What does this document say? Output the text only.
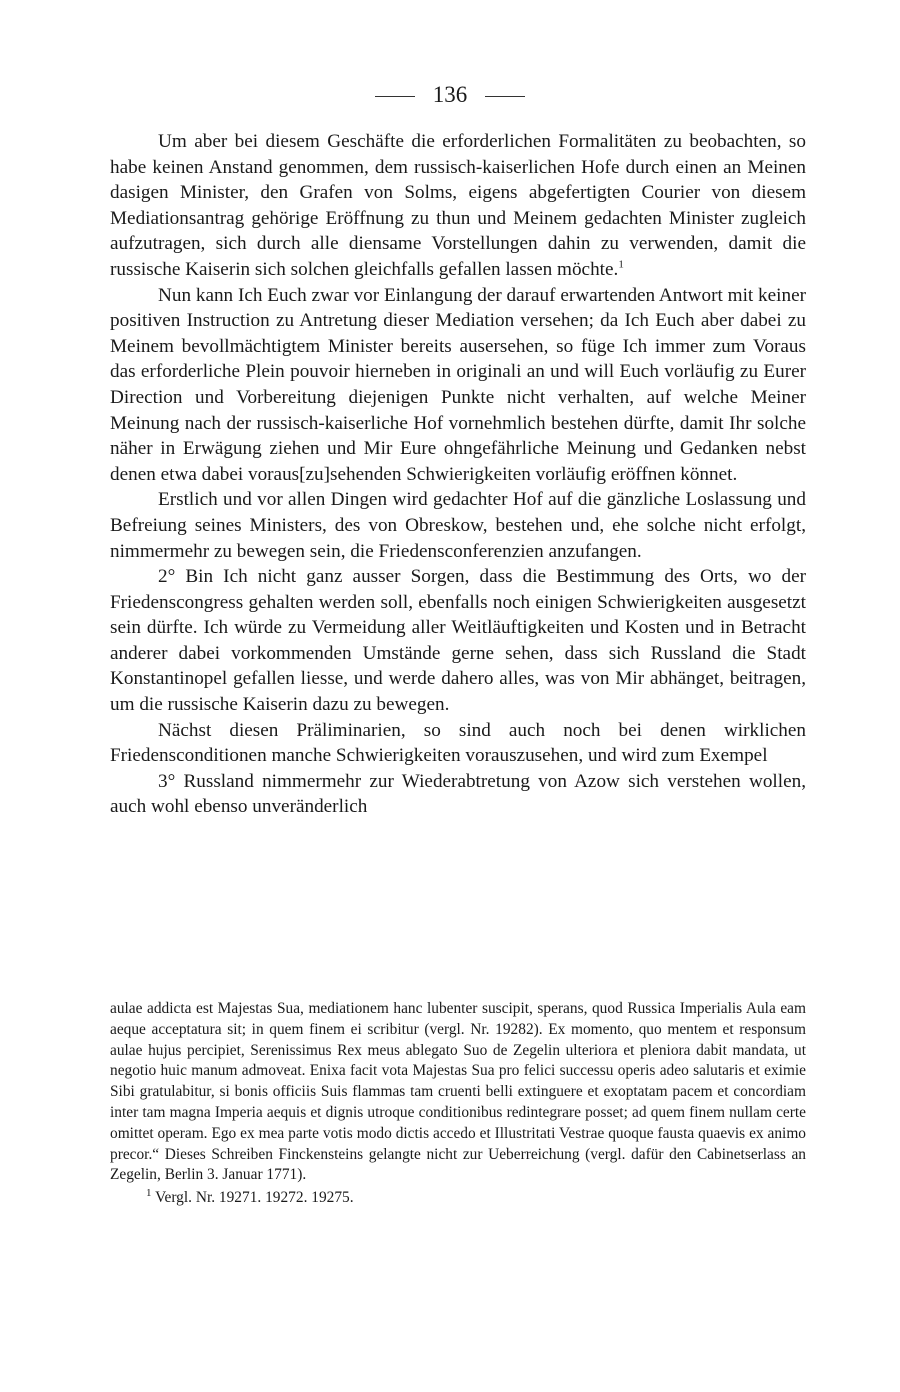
136

Um aber bei diesem Geschäfte die erforderlichen Formalitäten zu beobachten, so habe keinen Anstand genommen, dem russisch-kaiserlichen Hofe durch einen an Meinen dasigen Minister, den Grafen von Solms, eigens abgefertigten Courier von diesem Mediationsantrag gehörige Eröffnung zu thun und Meinem gedachten Minister zugleich aufzutragen, sich durch alle diensame Vorstellungen dahin zu verwenden, damit die russische Kaiserin sich solchen gleichfalls gefallen lassen möchte.$^1$

Nun kann Ich Euch zwar vor Einlangung der darauf erwartenden Antwort mit keiner positiven Instruction zu Antretung dieser Mediation versehen; da Ich Euch aber dabei zu Meinem bevollmächtigtem Minister bereits ausersehen, so füge Ich immer zum Voraus das erforderliche Plein pouvoir hierneben in originali an und will Euch vorläufig zu Eurer Direction und Vorbereitung diejenigen Punkte nicht verhalten, auf welche Meiner Meinung nach der russisch-kaiserliche Hof vornehmlich bestehen dürfte, damit Ihr solche näher in Erwägung ziehen und Mir Eure ohngefährliche Meinung und Gedanken nebst denen etwa dabei voraus[zu]sehenden Schwierigkeiten vorläufig eröffnen könnet.

Erstlich und vor allen Dingen wird gedachter Hof auf die gänzliche Loslassung und Befreiung seines Ministers, des von Obreskow, bestehen und, ehe solche nicht erfolgt, nimmermehr zu bewegen sein, die Friedensconferenzien anzufangen.

2° Bin Ich nicht ganz ausser Sorgen, dass die Bestimmung des Orts, wo der Friedenscongress gehalten werden soll, ebenfalls noch einigen Schwierigkeiten ausgesetzt sein dürfte. Ich würde zu Vermeidung aller Weitläuftigkeiten und Kosten und in Betracht anderer dabei vorkommenden Umstände gerne sehen, dass sich Russland die Stadt Konstantinopel gefallen liesse, und werde dahero alles, was von Mir abhänget, beitragen, um die russische Kaiserin dazu zu bewegen.

Nächst diesen Präliminarien, so sind auch noch bei denen wirklichen Friedensconditionen manche Schwierigkeiten vorauszusehen, und wird zum Exempel

3° Russland nimmermehr zur Wiederabtretung von Azow sich verstehen wollen, auch wohl ebenso unveränderlich

aulae addicta est Majestas Sua, mediationem hanc lubenter suscipit, sperans, quod Russica Imperialis Aula eam aeque acceptatura sit; in quem finem ei scribitur (vergl. Nr. 19282). Ex momento, quo mentem et responsum aulae hujus percipiet, Serenissimus Rex meus ablegato Suo de Zegelin ulteriora et pleniora dabit mandata, ut negotio huic manum admoveat. Enixa facit vota Majestas Sua pro felici successu operis adeo salutaris et eximie Sibi gratulabitur, si bonis officiis Suis flammas tam cruenti belli extinguere et exoptatam pacem et concordiam inter tam magna Imperia aequis et dignis utroque conditionibus redintegrare posset; ad quem finem nullam certe omittet operam. Ego ex mea parte votis modo dictis accedo et Illustritati Vestrae quoque fausta quaevis ex animo precor.“ Dieses Schreiben Finckensteins gelangte nicht zur Ueberreichung (vergl. dafür den Cabinetserlass an Zegelin, Berlin 3. Januar 1771).

$^1$ Vergl. Nr. 19271. 19272. 19275.
